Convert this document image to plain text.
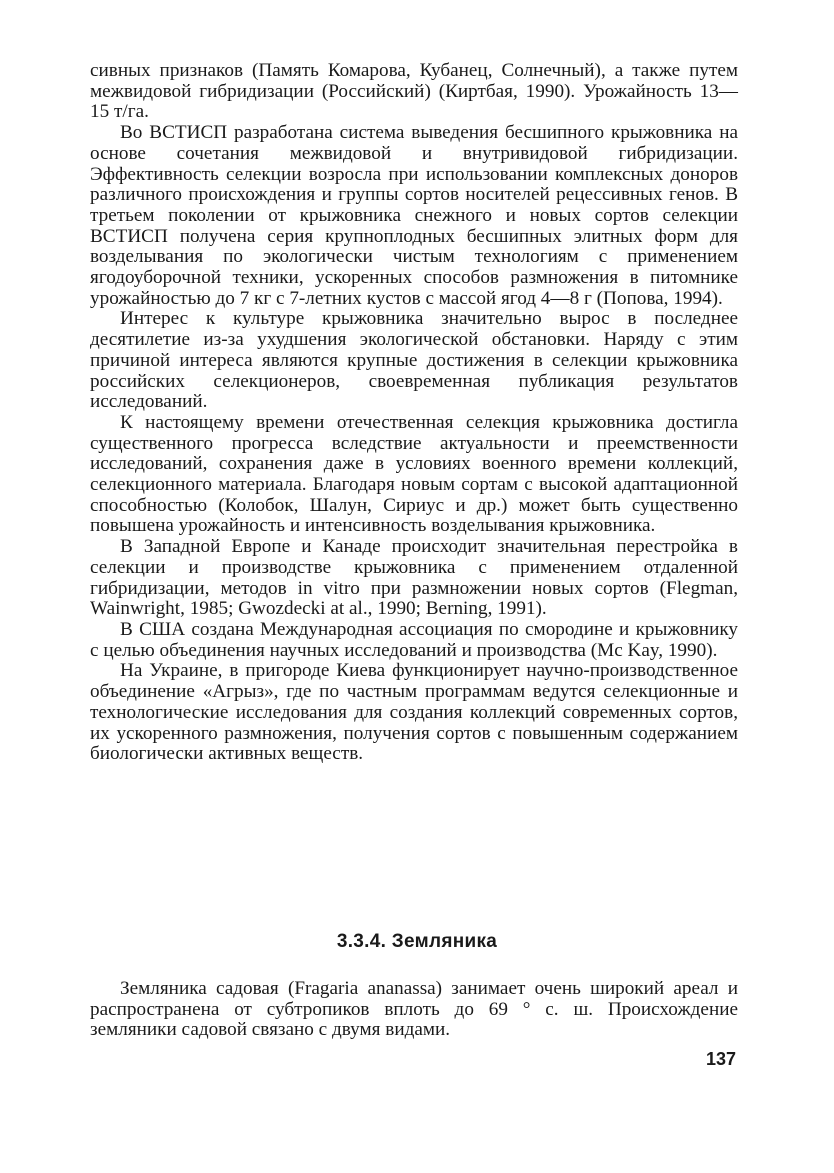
сивных признаков (Память Комарова, Кубанец, Солнечный), а также путем межвидовой гибридизации (Российский) (Киртбая, 1990). Урожайность 13—15 т/га.

Во ВСТИСП разработана система выведения бесшипного крыжовника на основе сочетания межвидовой и внутривидовой гибридизации. Эффективность селекции возросла при использовании комплексных доноров различного происхождения и группы сортов носителей рецессивных генов. В третьем поколении от крыжовника снежного и новых сортов селекции ВСТИСП получена серия крупноплодных бесшипных элитных форм для возделывания по экологически чистым технологиям с применением ягодоуборочной техники, ускоренных способов размножения в питомнике урожайностью до 7 кг с 7-летних кустов с массой ягод 4—8 г (Попова, 1994).

Интерес к культуре крыжовника значительно вырос в последнее десятилетие из-за ухудшения экологической обстановки. Наряду с этим причиной интереса являются крупные достижения в селекции крыжовника российских селекционеров, своевременная публикация результатов исследований.

К настоящему времени отечественная селекция крыжовника достигла существенного прогресса вследствие актуальности и преемственности исследований, сохранения даже в условиях военного времени коллекций, селекционного материала. Благодаря новым сортам с высокой адаптационной способностью (Колобок, Шалун, Сириус и др.) может быть существенно повышена урожайность и интенсивность возделывания крыжовника.

В Западной Европе и Канаде происходит значительная перестройка в селекции и производстве крыжовника с применением отдаленной гибридизации, методов in vitro при размножении новых сортов (Flegman, Wainwright, 1985; Gwozdecki at al., 1990; Berning, 1991).

В США создана Международная ассоциация по смородине и крыжовнику с целью объединения научных исследований и производства (Mc Kay, 1990).

На Украине, в пригороде Киева функционирует научно-производственное объединение «Агрыз», где по частным программам ведутся селекционные и технологические исследования для создания коллекций современных сортов, их ускоренного размножения, получения сортов с повышенным содержанием биологически активных веществ.

3.3.4. Земляника

Земляника садовая (Fragaria ananassa) занимает очень широкий ареал и распространена от субтропиков вплоть до 69 ° с. ш. Происхождение земляники садовой связано с двумя видами.

137
